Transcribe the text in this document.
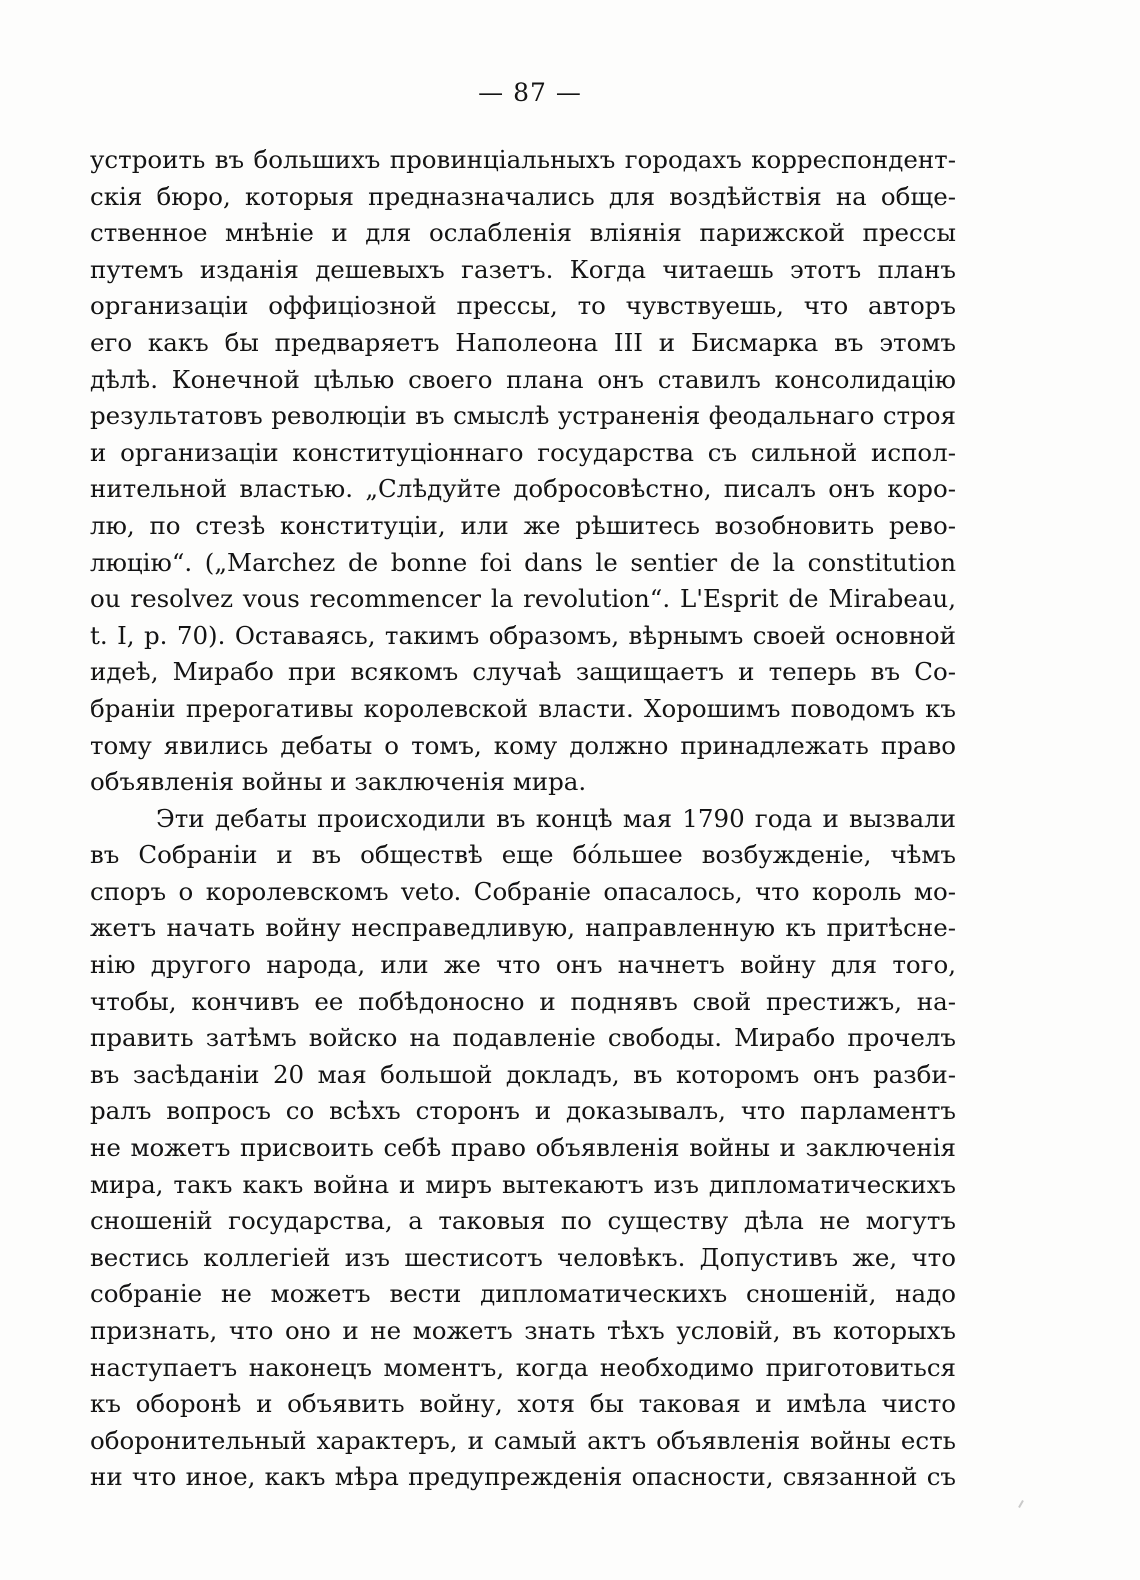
— 87 —
устроить въ большихъ провинціальныхъ городахъ корреспондент-
скія бюро, которыя предназначались для воздѣйствія на обще-
ственное мнѣніе и для ослабленія вліянія парижской прессы
путемъ изданія дешевыхъ газетъ. Когда читаешь этотъ планъ
организаціи оффиціозной прессы, то чувствуешь, что авторъ
его какъ бы предваряетъ Наполеона III и Бисмарка въ этомъ
дѣлѣ. Конечной цѣлью своего плана онъ ставилъ консолидацію
результатовъ революціи въ смыслѣ устраненія феодальнаго строя
и организаціи конституціоннаго государства съ сильной испол-
нительной властью. „Слѣдуйте добросовѣстно, писалъ онъ коро-
лю, по стезѣ конституціи, или же рѣшитесь возобновить рево-
люцію“. („Marchez de bonne foi dans le sentier de la constitution
ou resolvez vous recommencer la revolution“. L'Esprit de Mirabeau,
t. I, p. 70). Оставаясь, такимъ образомъ, вѣрнымъ своей основной
идеѣ, Мирабо при всякомъ случаѣ защищаетъ и теперь въ Со-
браніи прерогативы королевской власти. Хорошимъ поводомъ къ
тому явились дебаты о томъ, кому должно принадлежать право
объявленія войны и заключенія мира.
Эти дебаты происходили въ концѣ мая 1790 года и вызвали
въ Собраніи и въ обществѣ еще бо́льшее возбужденіе, чѣмъ
споръ о королевскомъ veto. Собраніе опасалось, что король мо-
жетъ начать войну несправедливую, направленную къ притѣсне-
нію другого народа, или же что онъ начнетъ войну для того,
чтобы, кончивъ ее побѣдоносно и поднявъ свой престижъ, на-
править затѣмъ войско на подавленіе свободы. Мирабо прочелъ
въ засѣданіи 20 мая большой докладъ, въ которомъ онъ разби-
ралъ вопросъ со всѣхъ сторонъ и доказывалъ, что парламентъ
не можетъ присвоить себѣ право объявленія войны и заключенія
мира, такъ какъ война и миръ вытекаютъ изъ дипломатическихъ
сношеній государства, а таковыя по существу дѣла не могутъ
вестись коллегіей изъ шестисотъ человѣкъ. Допустивъ же, что
собраніе не можетъ вести дипломатическихъ сношеній, надо
признать, что оно и не можетъ знать тѣхъ условій, въ которыхъ
наступаетъ наконецъ моментъ, когда необходимо приготовиться
къ оборонѣ и объявить войну, хотя бы таковая и имѣла чисто
оборонительный характеръ, и самый актъ объявленія войны есть
ни что иное, какъ мѣра предупрежденія опасности, связанной съ
